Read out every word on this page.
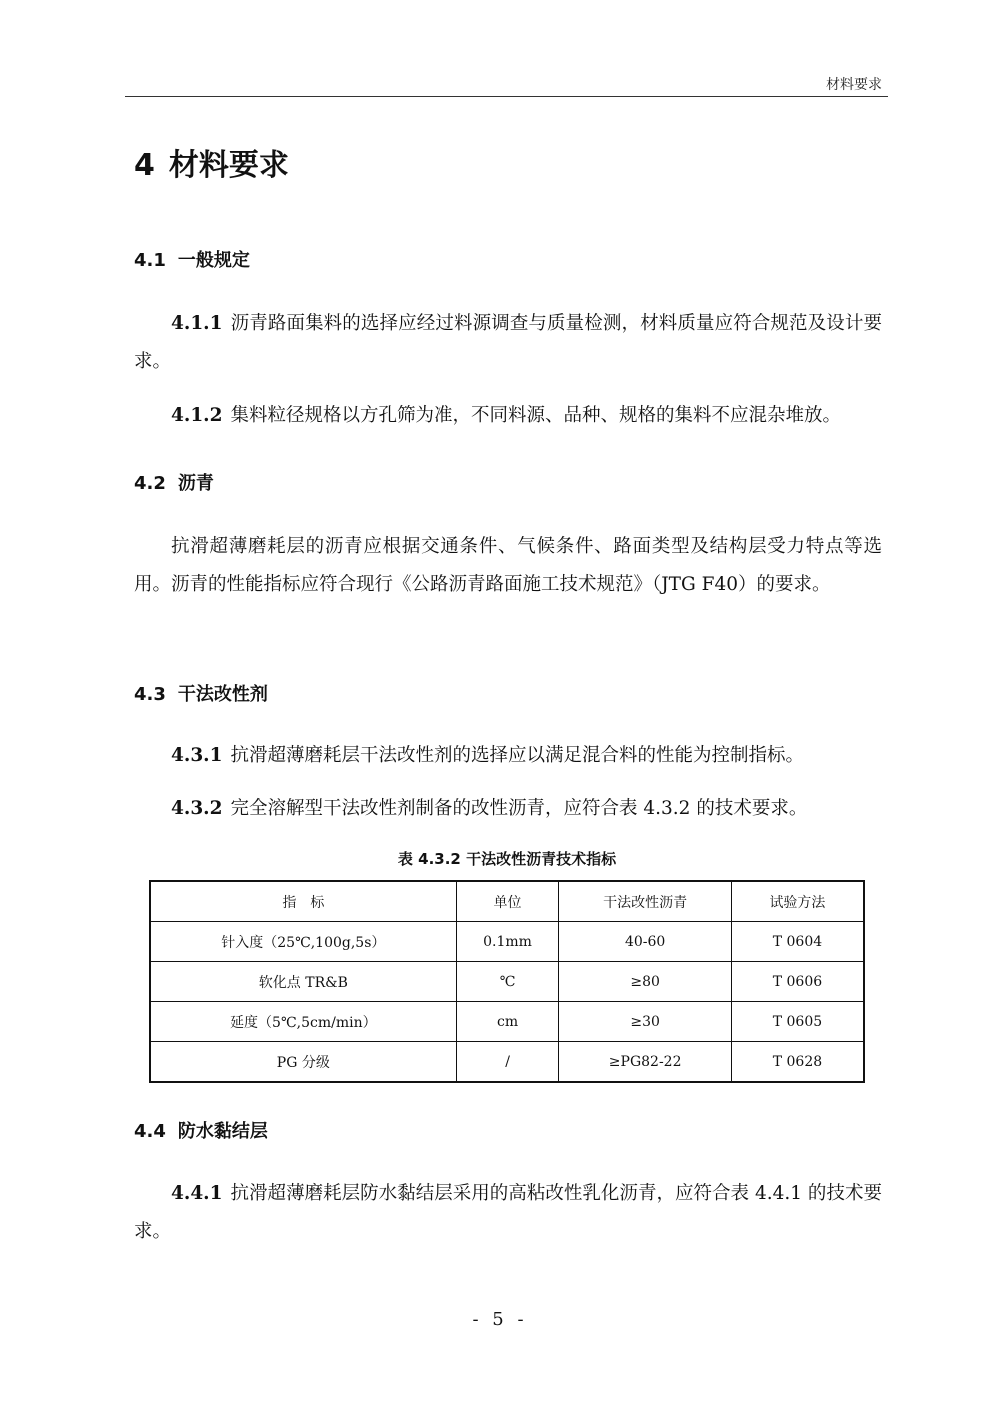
材料要求
4 材料要求
4.1 一般规定

4.1.1 沥青路面集料的选择应经过料源调查与质量检测，材料质量应符合规范及设计要求。

4.1.2 集料粒径规格以方孔筛为准，不同料源、品种、规格的集料不应混杂堆放。

4.2 沥青

抗滑超薄磨耗层的沥青应根据交通条件、气候条件、路面类型及结构层受力特点等选用。沥青的性能指标应符合现行《公路沥青路面施工技术规范》（JTG F40）的要求。

4.3 干法改性剂

4.3.1 抗滑超薄磨耗层干法改性剂的选择应以满足混合料的性能为控制指标。

4.3.2 完全溶解型干法改性剂制备的改性沥青，应符合表 4.3.2 的技术要求。

表 4.3.2 干法改性沥青技术指标

指　标	单位	干法改性沥青	试验方法
针入度（25℃,100g,5s）	0.1mm	40-60	T 0604
软化点 TR&B	℃	≥80	T 0606
延度（5℃,5cm/min）	cm	≥30	T 0605
PG 分级	/	≥PG82-22	T 0628
4.4 防水黏结层

4.4.1 抗滑超薄磨耗层防水黏结层采用的高粘改性乳化沥青，应符合表 4.4.1 的技术要求。

- 5 -
